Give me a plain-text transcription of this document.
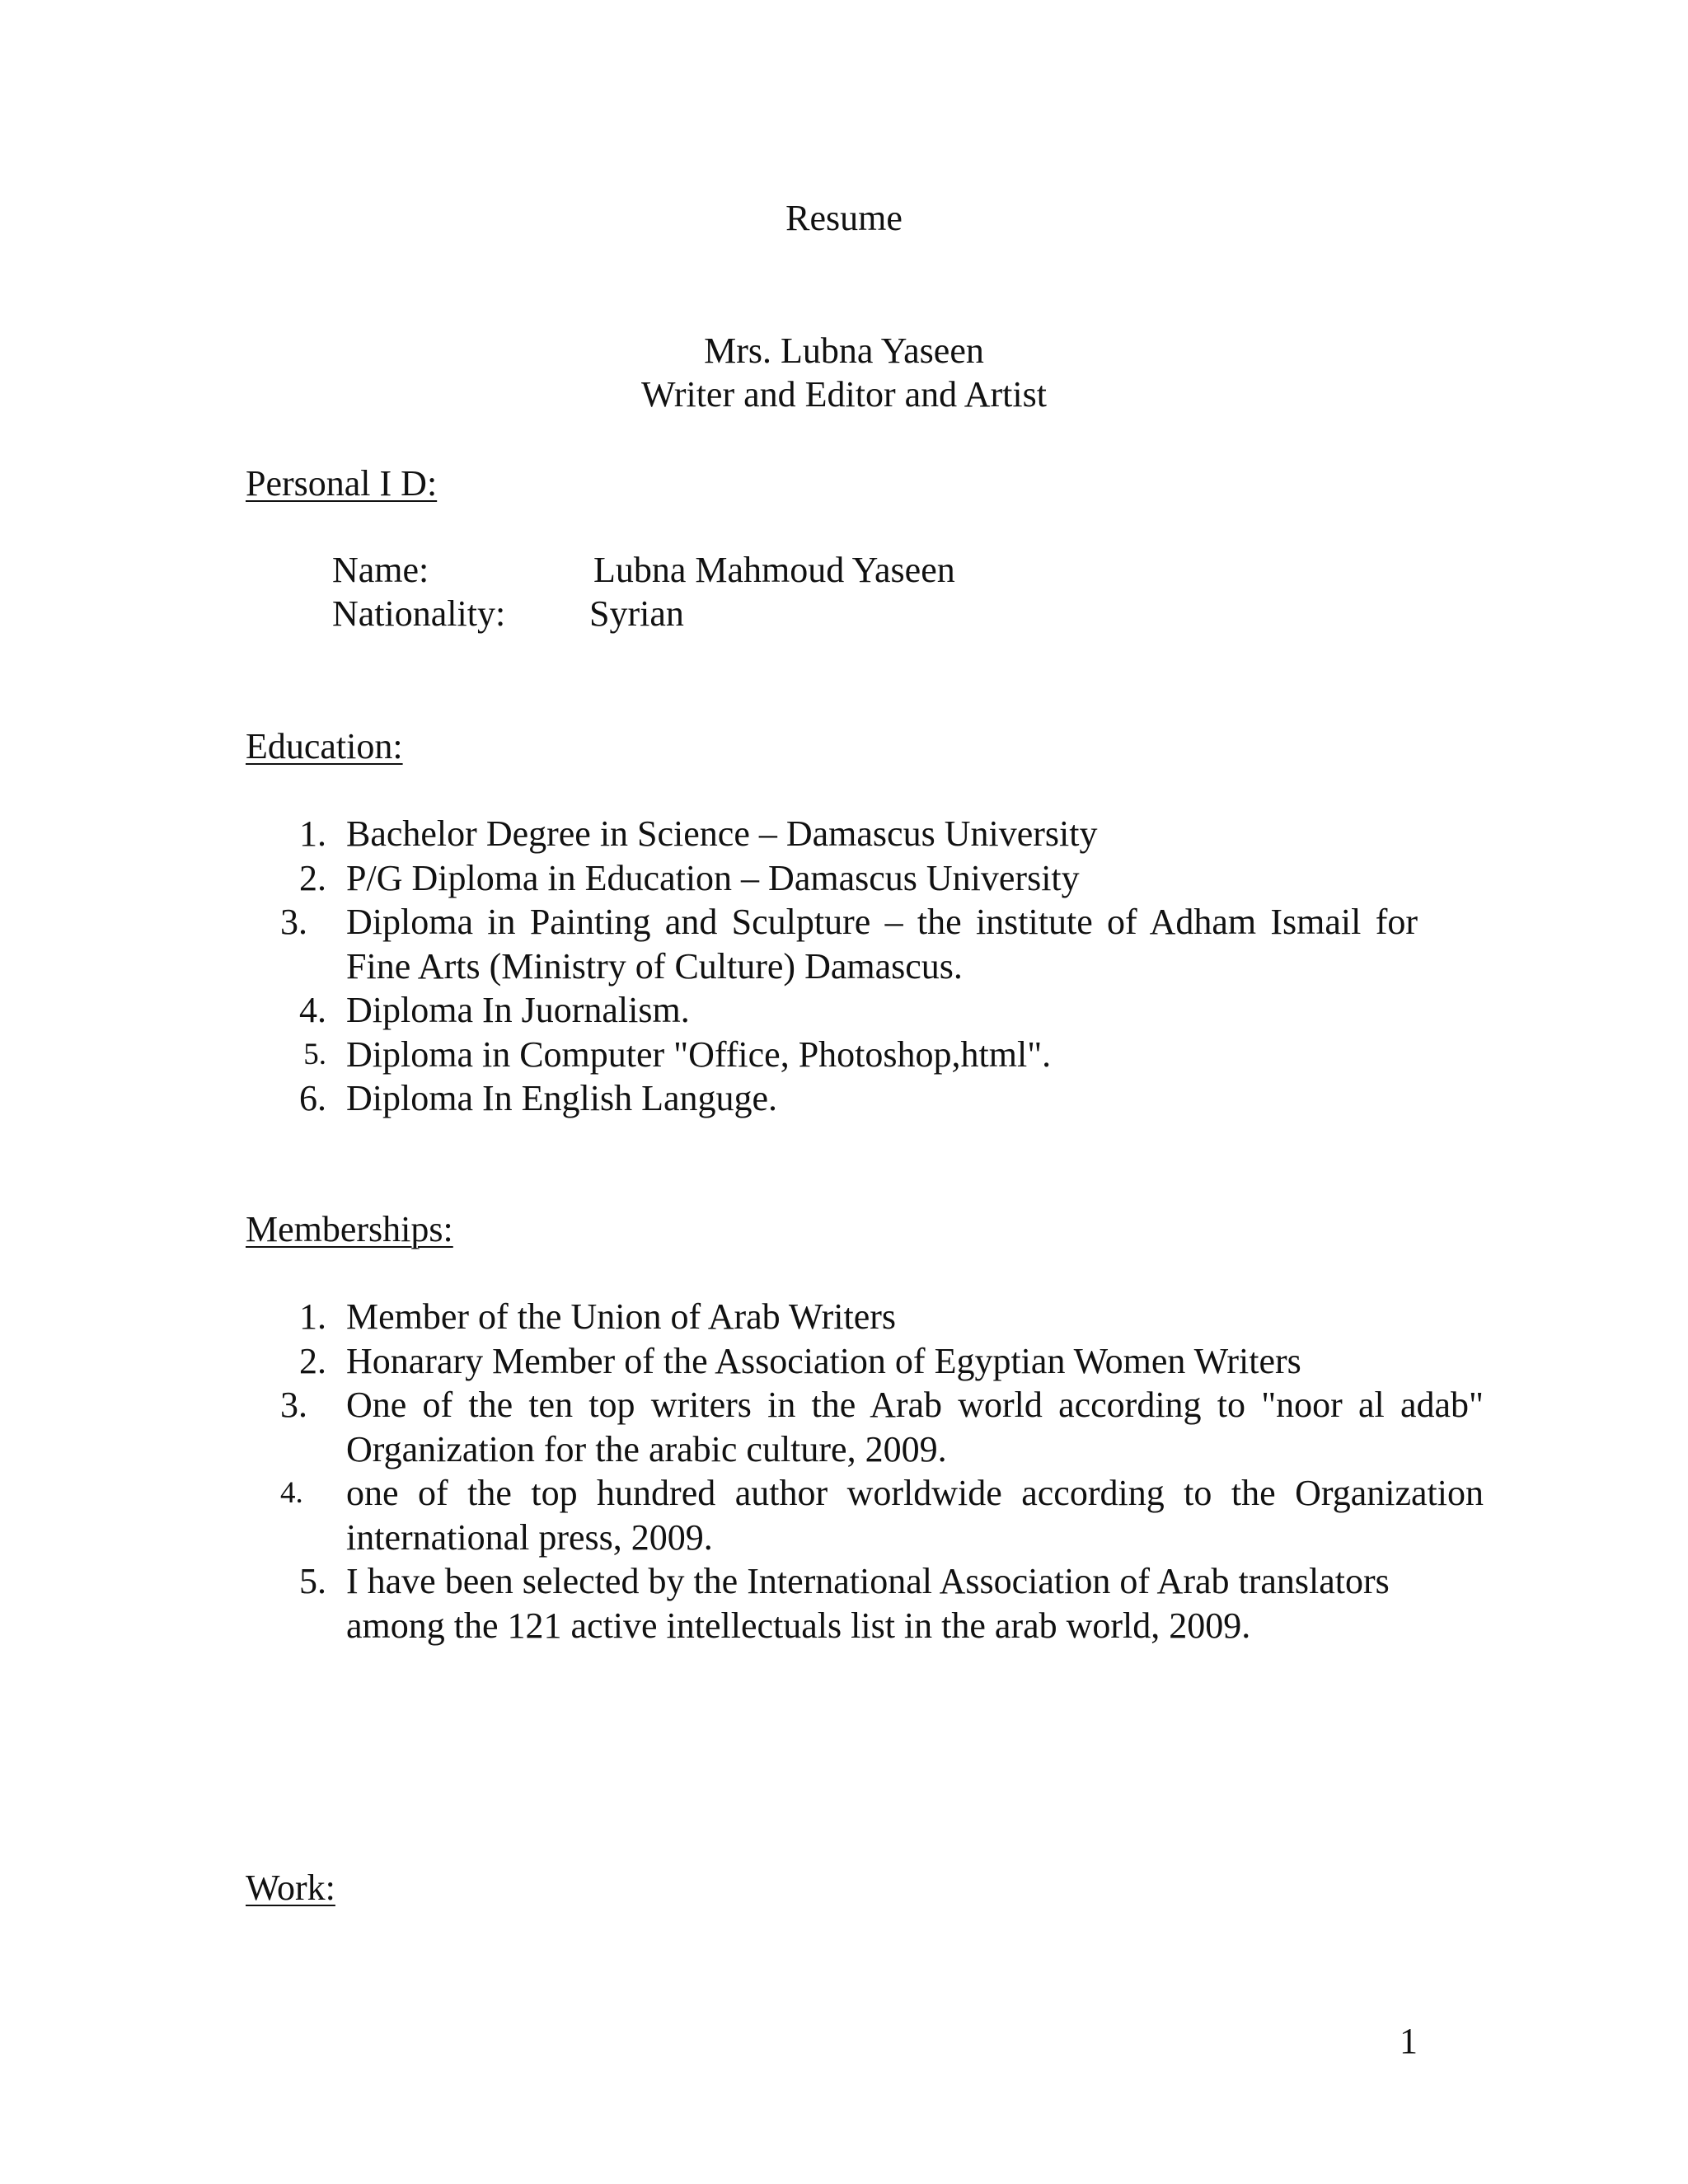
Resume
Mrs. Lubna Yaseen
Writer and Editor and Artist
Personal I D:
Name:	Lubna Mahmoud Yaseen
Nationality: Syrian
Education:
1. Bachelor Degree in Science – Damascus University
2. P/G Diploma in Education – Damascus University
3.	Diploma in Painting and Sculpture – the institute of Adham Ismail for Fine Arts (Ministry of Culture) Damascus.
4. Diploma In Juornalism.
5. Diploma in Computer "Office, Photoshop,html".
6. Diploma In English Languge.
Memberships:
1. Member of the Union of Arab Writers
2. Honarary Member of the Association of Egyptian Women Writers
3.	One of the ten top writers in the Arab world according to "noor al adab" Organization for the arabic culture, 2009.
4.	one of the top hundred author worldwide according to the Organization international press, 2009.
5. I have been selected by the International Association of Arab translators among the 121 active intellectuals list in the arab world, 2009.
Work:
1
